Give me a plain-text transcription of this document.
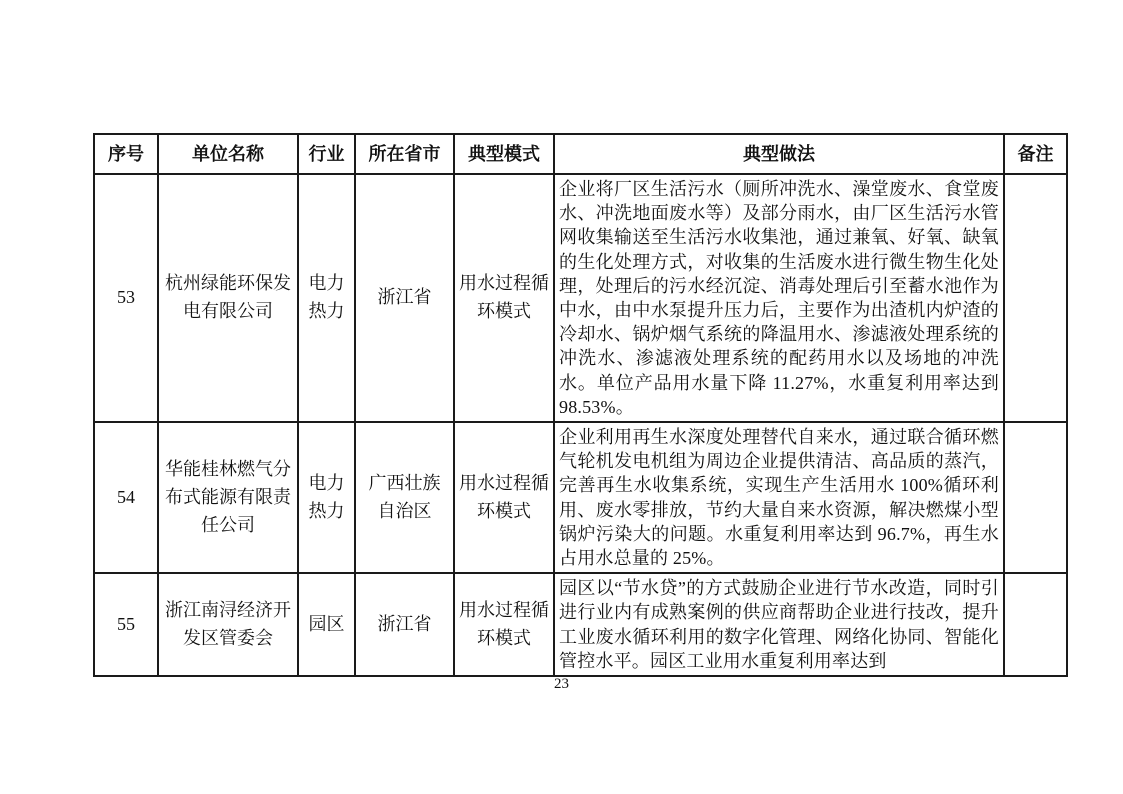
序号	单位名称	行业	所在省市	典型模式	典型做法	备注
53	杭州绿能环保发电有限公司	电力热力	浙江省	用水过程循环模式	企业将厂区生活污水（厕所冲洗水、澡堂废水、食堂废水、冲洗地面废水等）及部分雨水，由厂区生活污水管网收集输送至生活污水收集池，通过兼氧、好氧、缺氧的生化处理方式，对收集的生活废水进行微生物生化处理，处理后的污水经沉淀、消毒处理后引至蓄水池作为中水，由中水泵提升压力后，主要作为出渣机内炉渣的冷却水、锅炉烟气系统的降温用水、渗滤液处理系统的冲洗水、渗滤液处理系统的配药用水以及场地的冲洗水。单位产品用水量下降 11.27%，水重复利用率达到 98.53%。	
54	华能桂林燃气分布式能源有限责任公司	电力热力	广西壮族自治区	用水过程循环模式	企业利用再生水深度处理替代自来水，通过联合循环燃气轮机发电机组为周边企业提供清洁、高品质的蒸汽，完善再生水收集系统，实现生产生活用水 100%循环利用、废水零排放，节约大量自来水资源，解决燃煤小型锅炉污染大的问题。水重复利用率达到 96.7%，再生水占用水总量的 25%。	
55	浙江南浔经济开发区管委会	园区	浙江省	用水过程循环模式	园区以“节水贷”的方式鼓励企业进行节水改造，同时引进行业内有成熟案例的供应商帮助企业进行技改，提升工业废水循环利用的数字化管理、网络化协同、智能化管控水平。园区工业用水重复利用率达到	
23
